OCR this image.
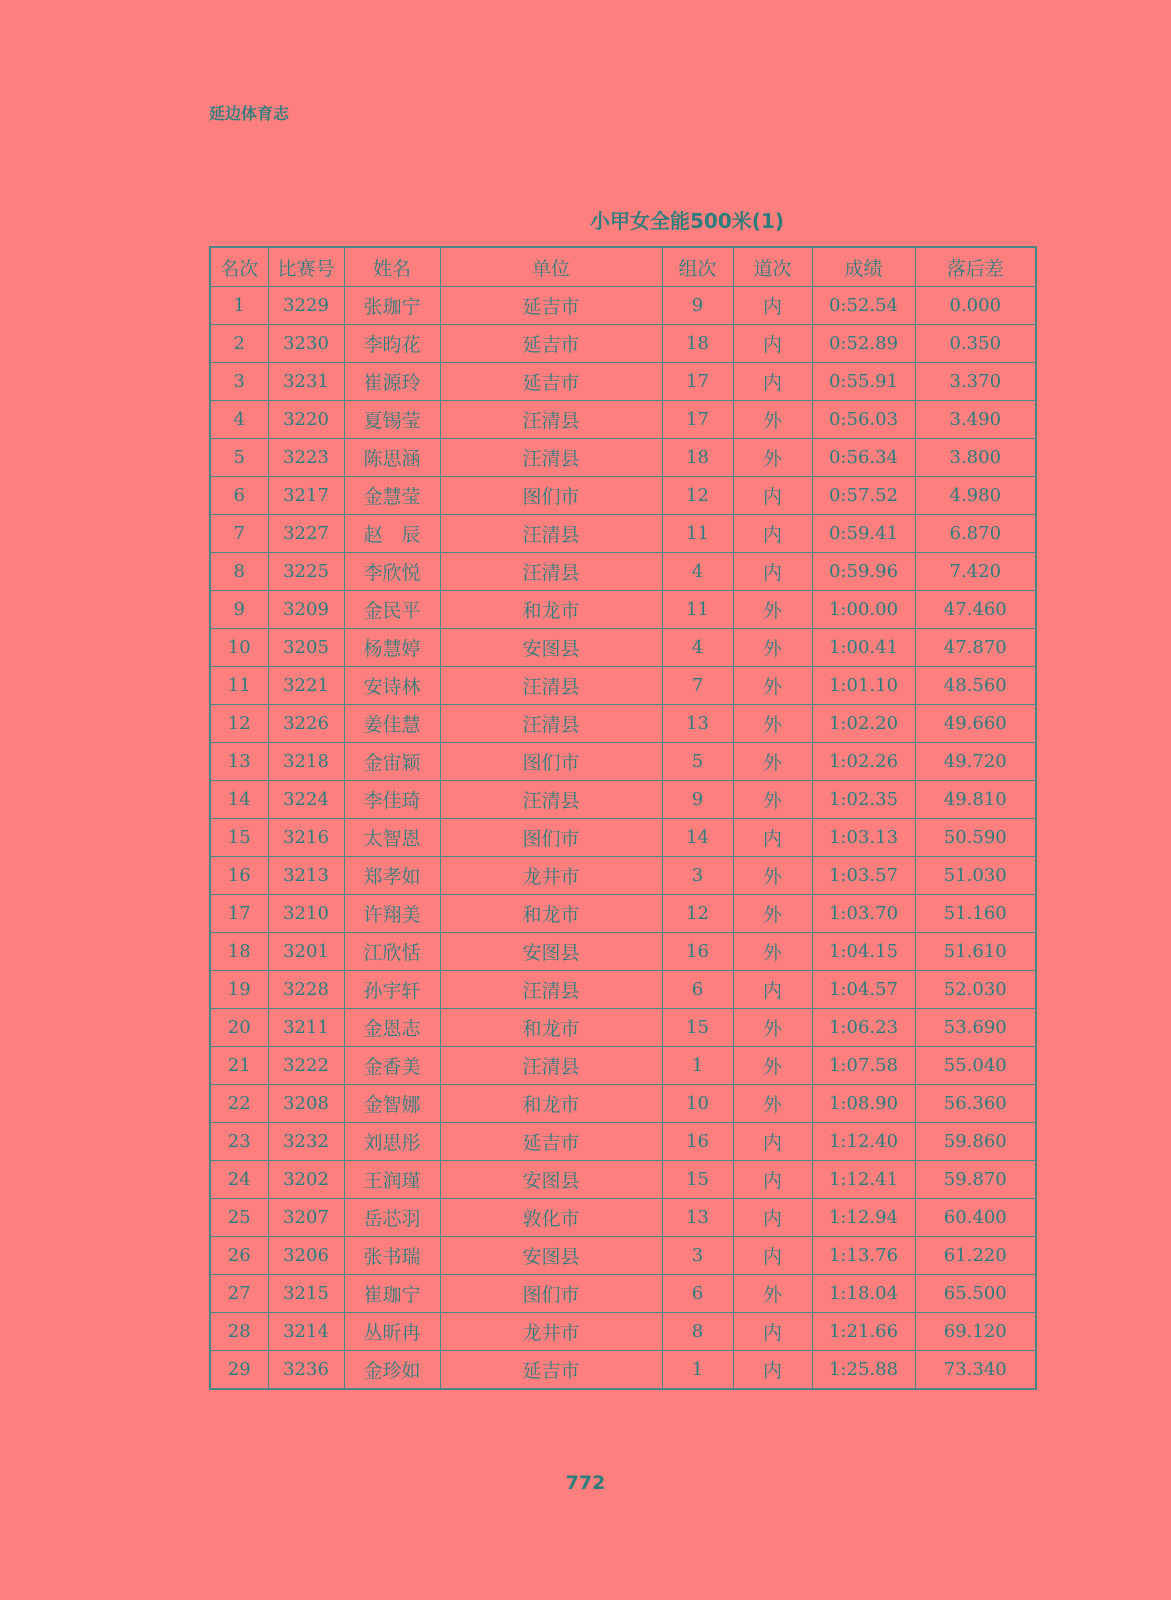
延边体育志

小甲女全能500米(1)
名次	比赛号	姓名	单位	组次	道次	成绩	落后差
1	3229	张珈宁	延吉市	9	内	0:52.54	0.000
2	3230	李昀花	延吉市	18	内	0:52.89	0.350
3	3231	崔源玲	延吉市	17	内	0:55.91	3.370
4	3220	夏锡莹	汪清县	17	外	0:56.03	3.490
5	3223	陈思涵	汪清县	18	外	0:56.34	3.800
6	3217	金慧莹	图们市	12	内	0:57.52	4.980
7	3227	赵　辰	汪清县	11	内	0:59.41	6.870
8	3225	李欣悦	汪清县	4	内	0:59.96	7.420
9	3209	金民平	和龙市	11	外	1:00.00	47.460
10	3205	杨慧婷	安图县	4	外	1:00.41	47.870
11	3221	安诗林	汪清县	7	外	1:01.10	48.560
12	3226	姜佳慧	汪清县	13	外	1:02.20	49.660
13	3218	金宙颖	图们市	5	外	1:02.26	49.720
14	3224	李佳琦	汪清县	9	外	1:02.35	49.810
15	3216	太智恩	图们市	14	内	1:03.13	50.590
16	3213	郑孝如	龙井市	3	外	1:03.57	51.030
17	3210	许翔美	和龙市	12	外	1:03.70	51.160
18	3201	江欣恬	安图县	16	外	1:04.15	51.610
19	3228	孙宇轩	汪清县	6	内	1:04.57	52.030
20	3211	金恩志	和龙市	15	外	1:06.23	53.690
21	3222	金香美	汪清县	1	外	1:07.58	55.040
22	3208	金智娜	和龙市	10	外	1:08.90	56.360
23	3232	刘思彤	延吉市	16	内	1:12.40	59.860
24	3202	王润瑾	安图县	15	内	1:12.41	59.870
25	3207	岳芯羽	敦化市	13	内	1:12.94	60.400
26	3206	张书瑞	安图县	3	内	1:13.76	61.220
27	3215	崔珈宁	图们市	6	外	1:18.04	65.500
28	3214	丛昕冉	龙井市	8	内	1:21.66	69.120
29	3236	金珍如	延吉市	1	内	1:25.88	73.340

772
